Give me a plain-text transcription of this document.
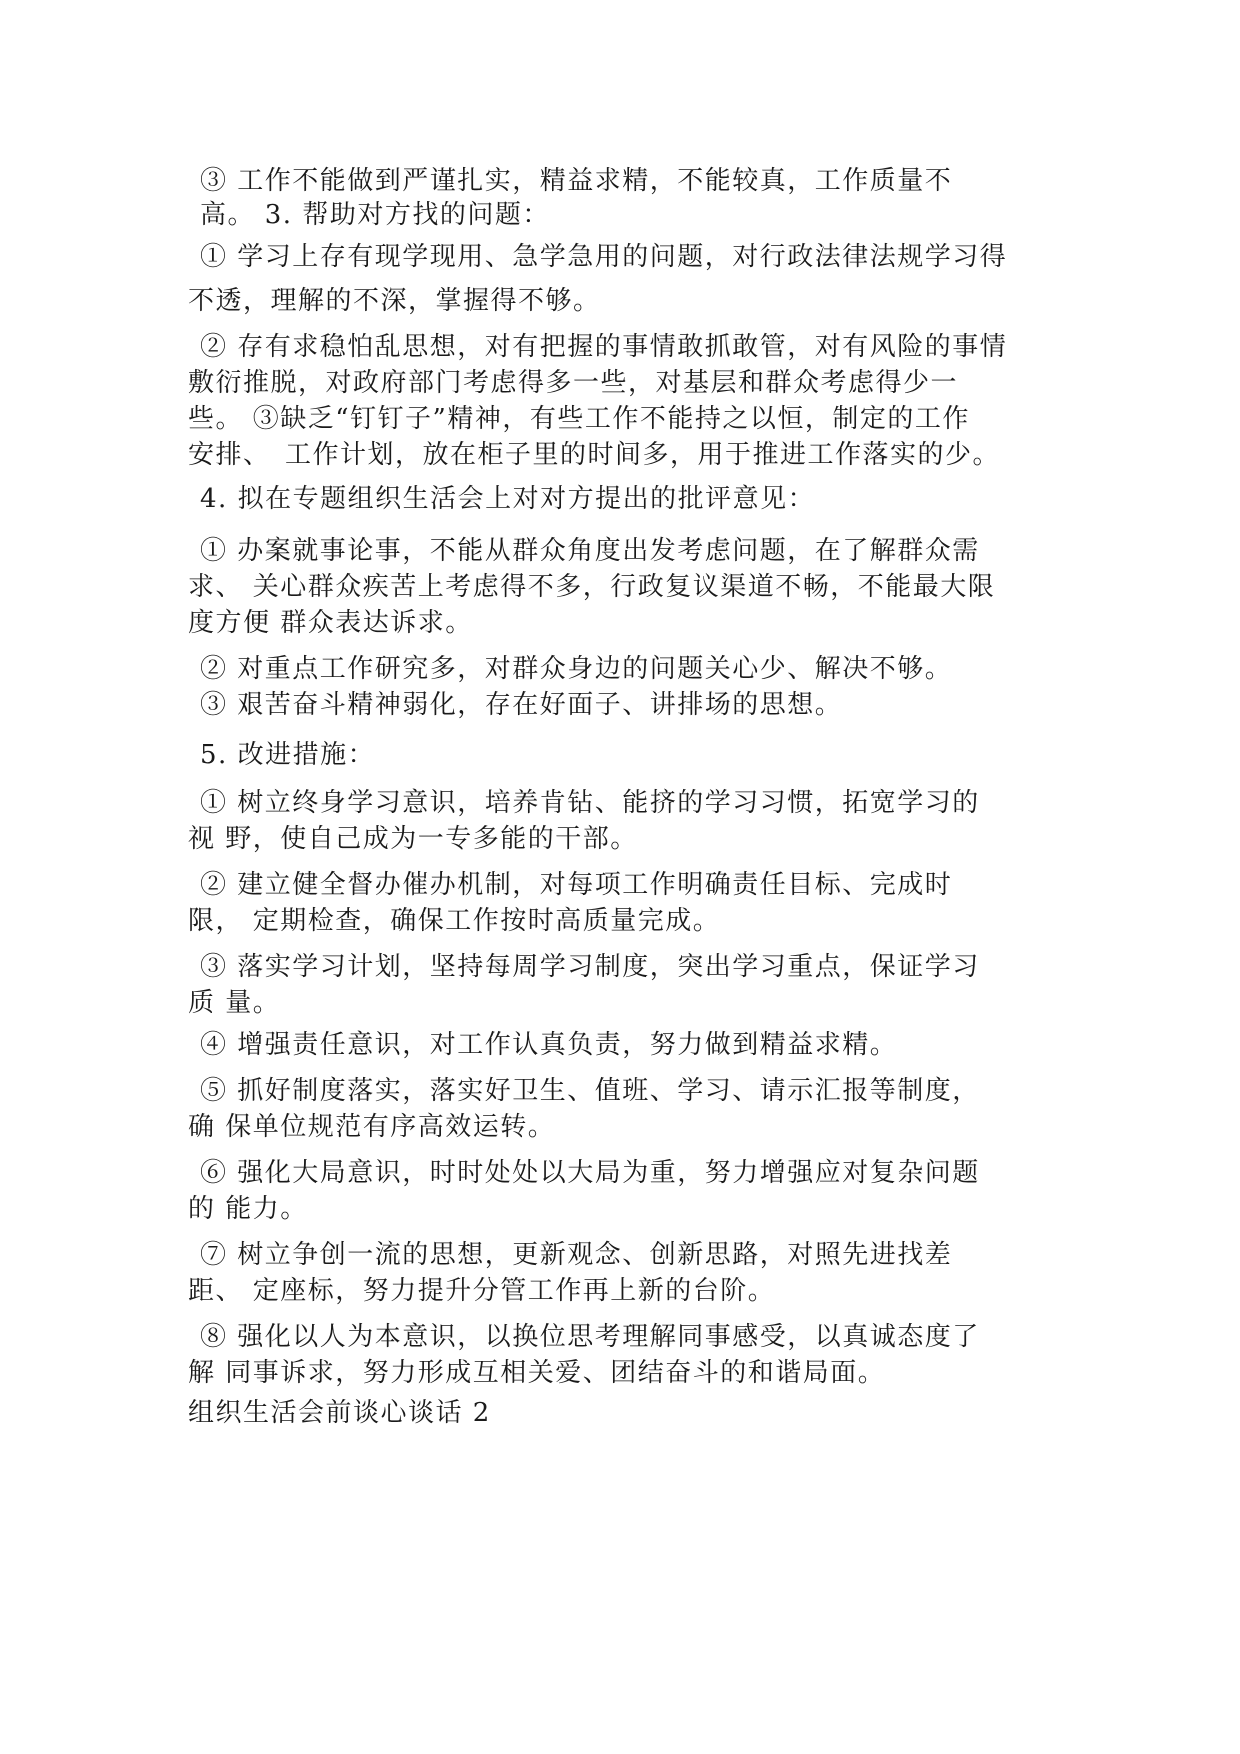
③ 工作不能做到严谨扎实，精益求精，不能较真，工作质量不
高。 3. 帮助对方找的问题：
① 学习上存有现学现用、急学急用的问题，对行政法律法规学习得
不透，理解的不深，掌握得不够。
② 存有求稳怕乱思想，对有把握的事情敢抓敢管，对有风险的事情
敷衍推脱，对政府部门考虑得多一些，对基层和群众考虑得少一
些。 ③缺乏“钉钉子”精神，有些工作不能持之以恒，制定的工作
安排、　工作计划，放在柜子里的时间多，用于推进工作落实的少。
4. 拟在专题组织生活会上对对方提出的批评意见：
① 办案就事论事，不能从群众角度出发考虑问题，在了解群众需
求、 关心群众疾苦上考虑得不多，行政复议渠道不畅，不能最大限
度方便 群众表达诉求。
② 对重点工作研究多，对群众身边的问题关心少、解决不够。
③ 艰苦奋斗精神弱化，存在好面子、讲排场的思想。
5. 改进措施：
① 树立终身学习意识，培养肯钻、能挤的学习习惯，拓宽学习的
视 野，使自己成为一专多能的干部。
② 建立健全督办催办机制，对每项工作明确责任目标、完成时
限， 定期检查，确保工作按时高质量完成。
③ 落实学习计划，坚持每周学习制度，突出学习重点，保证学习
质 量。
④ 增强责任意识，对工作认真负责，努力做到精益求精。
⑤ 抓好制度落实，落实好卫生、值班、学习、请示汇报等制度，
确 保单位规范有序高效运转。
⑥ 强化大局意识，时时处处以大局为重，努力增强应对复杂问题
的 能力。
⑦ 树立争创一流的思想，更新观念、创新思路，对照先进找差
距、 定座标，努力提升分管工作再上新的台阶。
⑧ 强化以人为本意识，以换位思考理解同事感受，以真诚态度了
解 同事诉求，努力形成互相关爱、团结奋斗的和谐局面。
组织生活会前谈心谈话 2
